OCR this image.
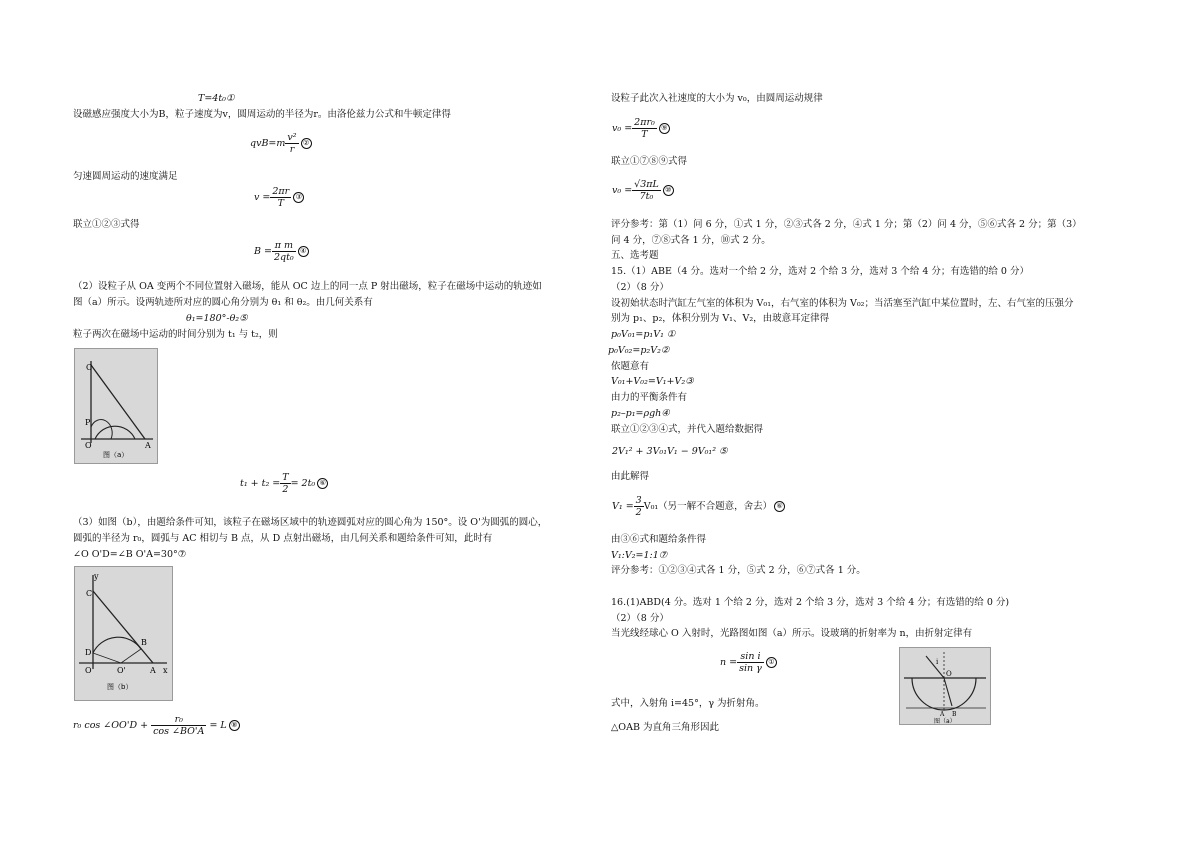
T=4t₀①
设磁感应强度大小为B，粒子速度为v，圆周运动的半径为r。由洛伦兹力公式和牛顿定律得
$qvB=m \frac{\text{v²}}{r}$ ②
匀速圆周运动的速度满足
$v = \frac{2\pi r}{T}$ ③
联立①②③式得
$B = \frac{\text{π m}}{\text{2qt₀}}$ ④
（2）设粒子从 OA 变两个不同位置射入磁场，能从 OC 边上的同一点 P 射出磁场，粒子在磁场中运动的轨迹如
图（a）所示。设两轨迹所对应的圆心角分别为 θ₁ 和 θ₂。由几何关系有
θ₁=180°-θ₂⑤
粒子两次在磁场中运动的时间分别为 t₁ 与 t₂，则
C
P
O	A
图（a）
$t_1 + t_2 = \frac{T}{2} = 2t_0$ ⑥
（3）如图（b），由题给条件可知，该粒子在磁场区域中的轨迹圆弧对应的圆心角为 150°。设 O'为圆弧的圆心，
圆弧的半径为 r₀，圆弧与 AC 相切与 B 点，从 D 点射出磁场，由几何关系和题给条件可知，此时有
∠O O'D=∠B O'A=30°⑦
y
C
D
B
O	O'	A x
图（b）
r₀ cos ∠OO'D + $\frac{\text{r₀}}{\cos \angle BO'A} = L$ ⑧
设粒子此次入社速度的大小为 v₀，由圆周运动规律
$v_0 = \frac{\text{2πr₀}}{T}$ ⑨
联立①⑦⑧⑨式得
$v_0 = \frac{√3\pi L}{\text{7t₀}}$ ⑩
评分参考：第（1）问 6 分，①式 1 分，②③式各 2 分，④式 1 分；第（2）问 4 分，⑤⑥式各 2 分；第（3）
问 4 分，⑦⑧式各 1 分，⑩式 2 分。
五、选考题
15.（1）ABE（4 分。选对一个给 2 分，选对 2 个给 3 分，选对 3 个给 4 分；有选错的给 0 分）
（2）（8 分）
设初始状态时汽缸左气室的体积为 V₀₁，右气室的体积为 V₀₂；当活塞至汽缸中某位置时，左、右气室的压强分
别为 p₁、p₂，体积分别为 V₁、V₂，由玻意耳定律得
p₀V₀₁=p₁V₁ ①
p₀V₀₂=p₂V₂②
依题意有
V₀₁+V₀₂=V₁+V₂③
由力的平衡条件有
p₂–p₁=ρgh④
联立①②③④式，并代入题给数据得
2V₁² + 3V₀₁V₁ − 9V₀₁² ⑤
由此解得
$V_1 = \frac{3}{2} V_{01}$（另一解不合题意，舍去） ⑥
由③⑥式和题给条件得
V₁:V₂=1:1⑦
评分参考：①②③④式各 1 分，⑤式 2 分，⑥⑦式各 1 分。
16.(1)ABD(4 分。选对 1 个给 2 分，选对 2 个给 3 分，选对 3 个给 4 分；有选错的给 0 分)
（2）（8 分）
当光线经球心 O 入射时，光路图如图（a）所示。设玻璃的折射率为 n，由折射定律有
$n = \frac{\text{sin i}}{\text{sin γ}}$ ①
式中，入射角 i=45°，γ 为折射角。
△OAB 为直角三角形因此
i
O
A B
图（a）
